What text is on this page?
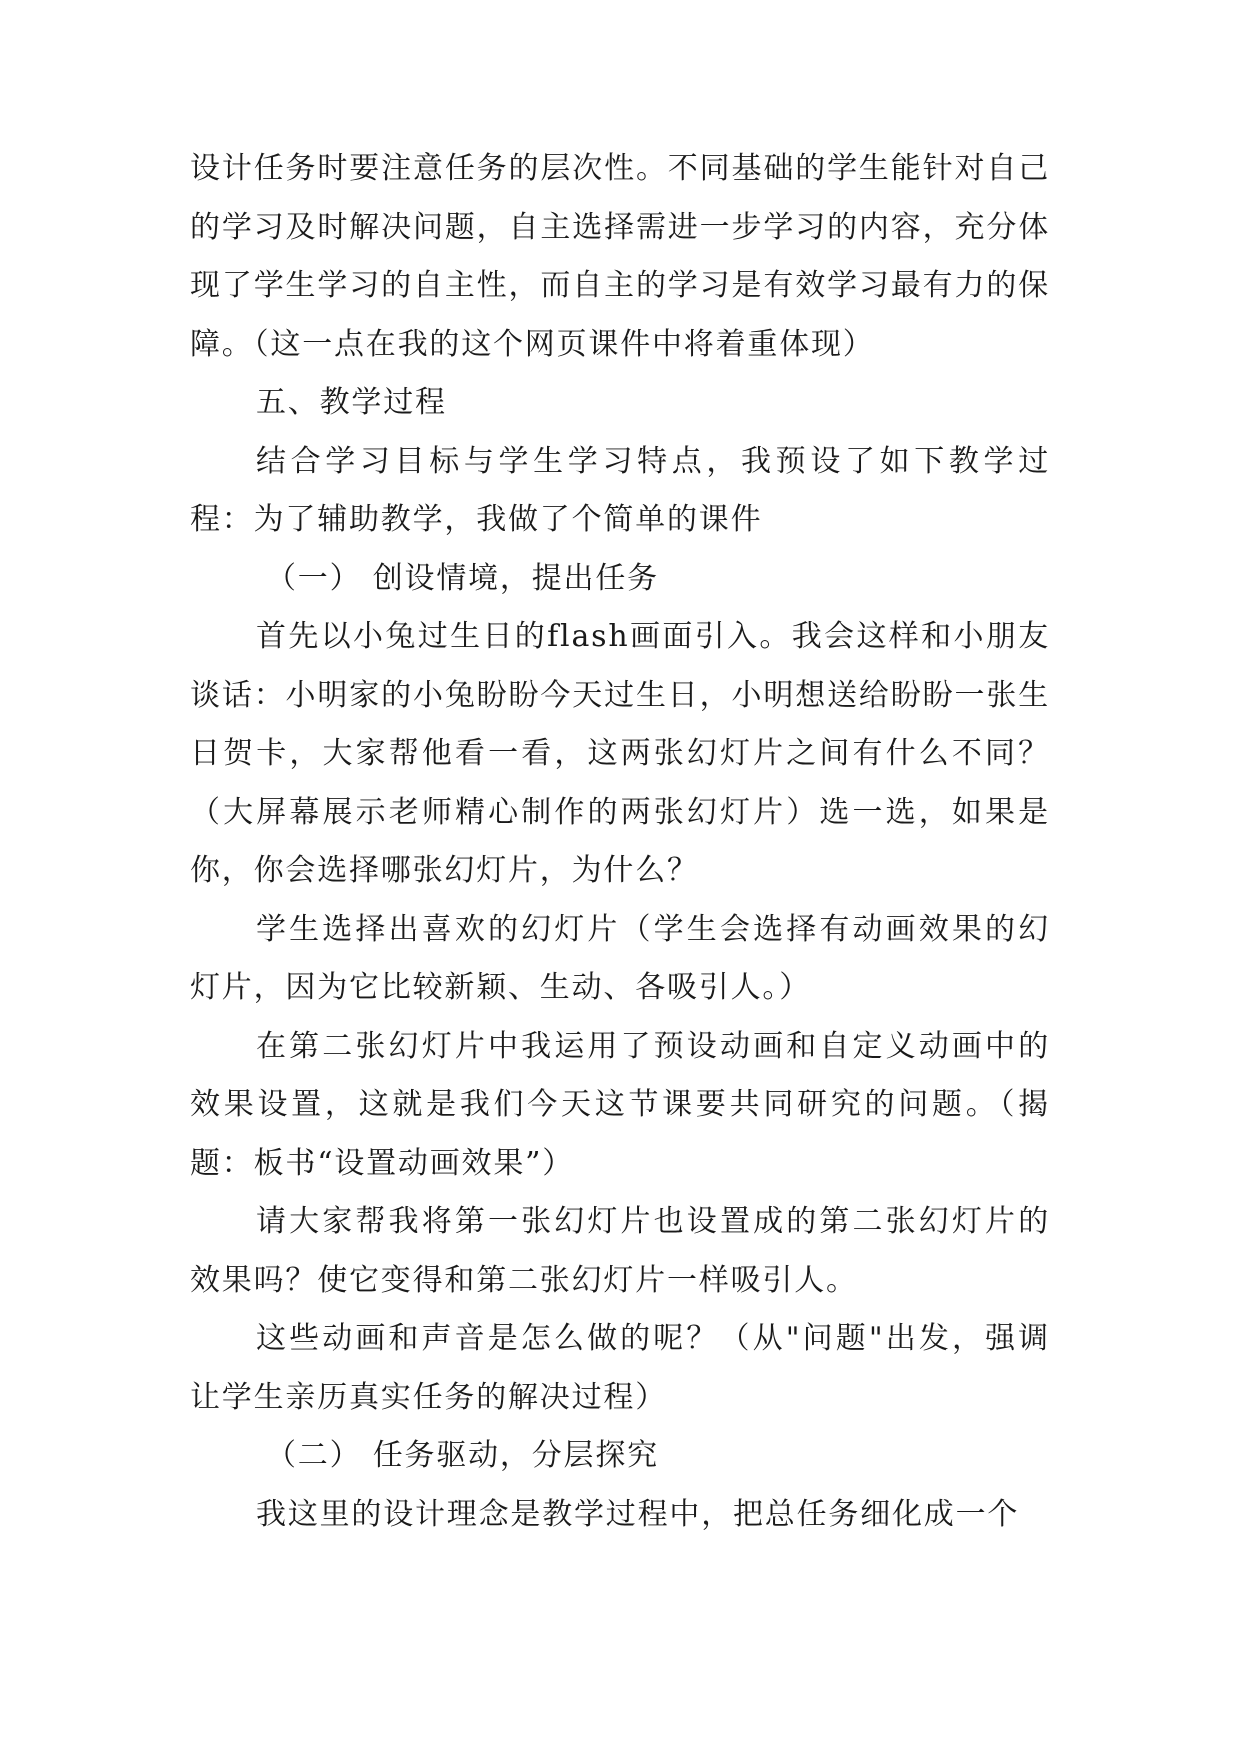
设计任务时要注意任务的层次性。不同基础的学生能针对自己的学习及时解决问题，自主选择需进一步学习的内容，充分体现了学生学习的自主性，而自主的学习是有效学习最有力的保障。（这一点在我的这个网页课件中将着重体现）

五、教学过程

结合学习目标与学生学习特点，我预设了如下教学过程：为了辅助教学，我做了个简单的课件

（一） 创设情境，提出任务

首先以小兔过生日的flash画面引入。我会这样和小朋友谈话：小明家的小兔盼盼今天过生日，小明想送给盼盼一张生日贺卡，大家帮他看一看，这两张幻灯片之间有什么不同？（大屏幕展示老师精心制作的两张幻灯片）选一选，如果是你，你会选择哪张幻灯片，为什么？

学生选择出喜欢的幻灯片（学生会选择有动画效果的幻灯片，因为它比较新颖、生动、各吸引人。）

在第二张幻灯片中我运用了预设动画和自定义动画中的效果设置，这就是我们今天这节课要共同研究的问题。（揭题：板书“设置动画效果”）

请大家帮我将第一张幻灯片也设置成的第二张幻灯片的效果吗？使它变得和第二张幻灯片一样吸引人。

这些动画和声音是怎么做的呢？（从"问题"出发，强调让学生亲历真实任务的解决过程）

（二） 任务驱动，分层探究

我这里的设计理念是教学过程中，把总任务细化成一个
